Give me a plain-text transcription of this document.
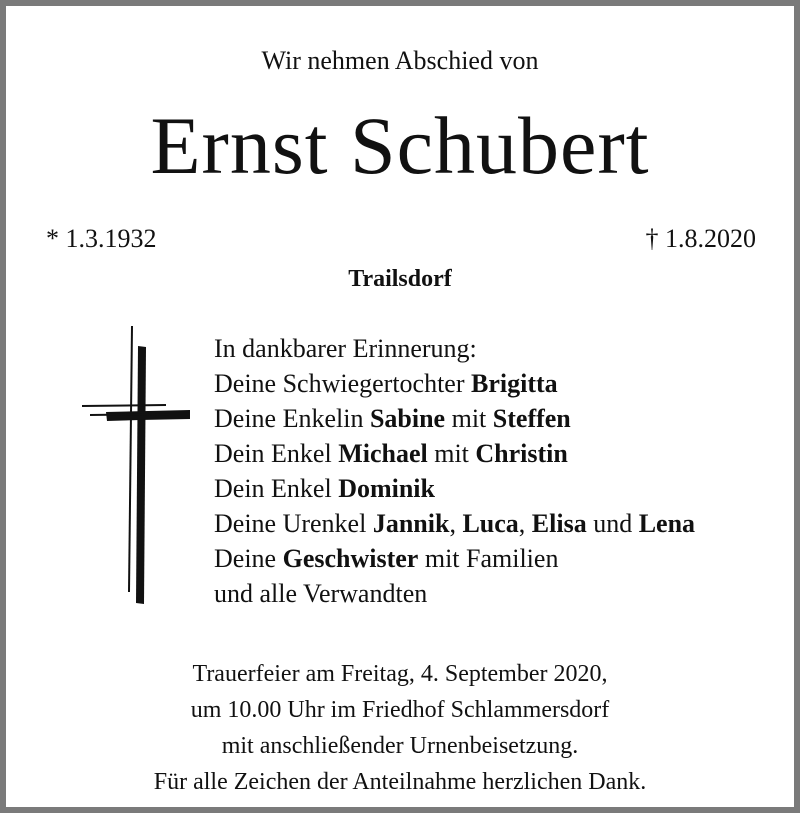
Wir nehmen Abschied von
Ernst Schubert
* 1.3.1932	† 1.8.2020
Trailsdorf
In dankbarer Erinnerung:
Deine Schwiegertochter Brigitta
Deine Enkelin Sabine mit Steffen
Dein Enkel Michael mit Christin
Dein Enkel Dominik
Deine Urenkel Jannik, Luca, Elisa und Lena
Deine Geschwister mit Familien
und alle Verwandten
Trauerfeier am Freitag, 4. September 2020,
um 10.00 Uhr im Friedhof Schlammersdorf
mit anschließender Urnenbeisetzung.
Für alle Zeichen der Anteilnahme herzlichen Dank.
